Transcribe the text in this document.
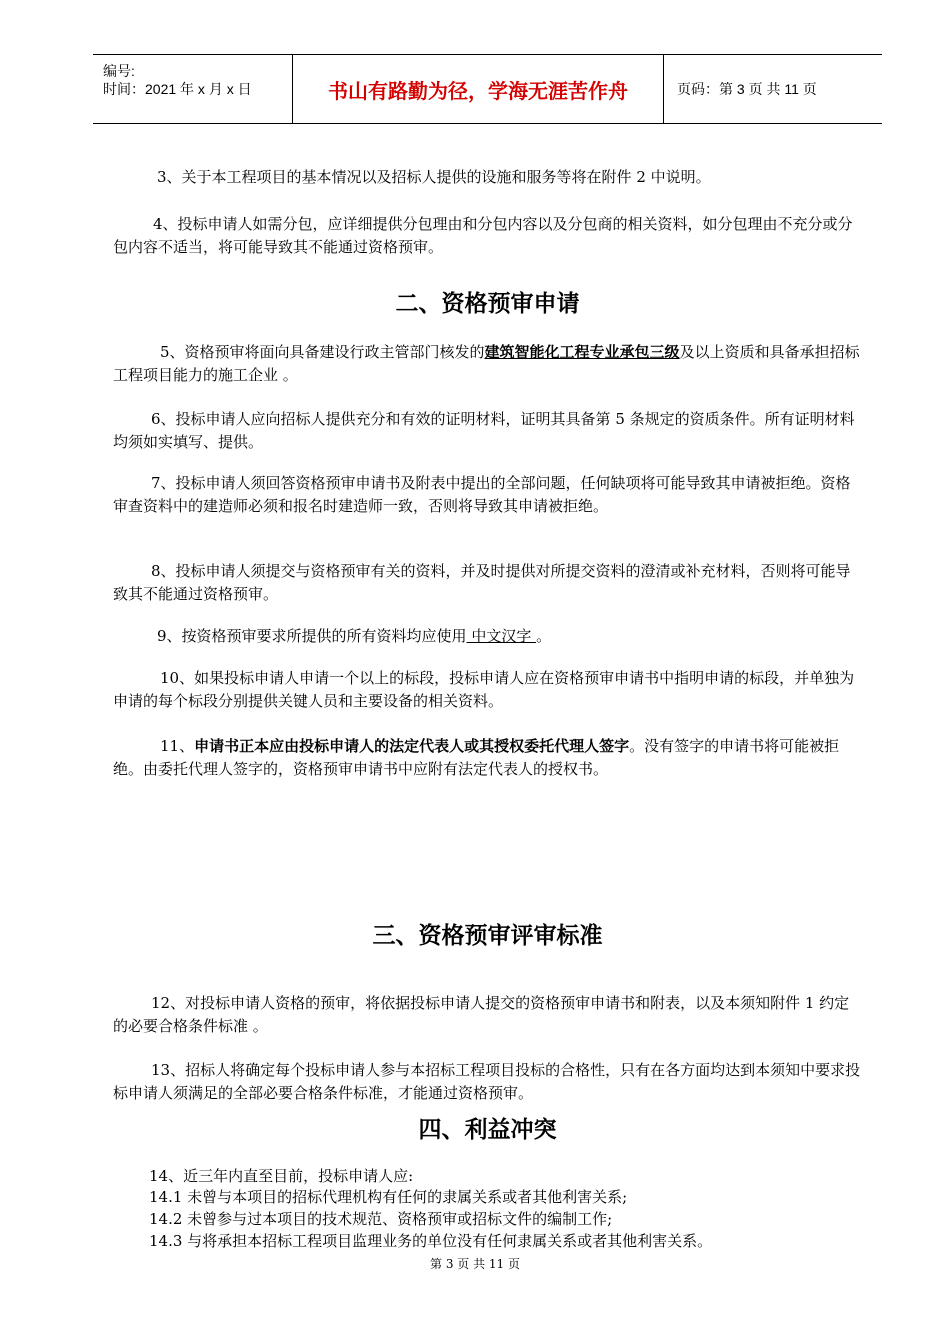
编号:
时间：2021 年 x 月 x 日	书山有路勤为径，学海无涯苦作舟	页码：第 3 页 共 11 页

3、关于本工程项目的基本情况以及招标人提供的设施和服务等将在附件 2 中说明。

4、投标申请人如需分包，应详细提供分包理由和分包内容以及分包商的相关资料，如分包理由不充分或分包内容不适当，将可能导致其不能通过资格预审。

二、资格预审申请

5、资格预审将面向具备建设行政主管部门核发的建筑智能化工程专业承包三级及以上资质和具备承担招标工程项目能力的施工企业 。

6、投标申请人应向招标人提供充分和有效的证明材料，证明其具备第 5 条规定的资质条件。所有证明材料均须如实填写、提供。

7、投标申请人须回答资格预审申请书及附表中提出的全部问题，任何缺项将可能导致其申请被拒绝。资格审查资料中的建造师必须和报名时建造师一致，否则将导致其申请被拒绝。

8、投标申请人须提交与资格预审有关的资料，并及时提供对所提交资料的澄清或补充材料，否则将可能导致其不能通过资格预审。

9、按资格预审要求所提供的所有资料均应使用 中文汉字 。

10、如果投标申请人申请一个以上的标段，投标申请人应在资格预审申请书中指明申请的标段，并单独为申请的每个标段分别提供关键人员和主要设备的相关资料。

11、申请书正本应由投标申请人的法定代表人或其授权委托代理人签字。没有签字的申请书将可能被拒绝。由委托代理人签字的，资格预审申请书中应附有法定代表人的授权书。

三、资格预审评审标准

12、对投标申请人资格的预审，将依据投标申请人提交的资格预审申请书和附表，以及本须知附件 1 约定的必要合格条件标准 。

13、招标人将确定每个投标申请人参与本招标工程项目投标的合格性，只有在各方面均达到本须知中要求投标申请人须满足的全部必要合格条件标准，才能通过资格预审。

四、利益冲突

14、近三年内直至目前，投标申请人应:

14.1 未曾与本项目的招标代理机构有任何的隶属关系或者其他利害关系;

14.2 未曾参与过本项目的技术规范、资格预审或招标文件的编制工作;

14.3 与将承担本招标工程项目监理业务的单位没有任何隶属关系或者其他利害关系。

第 3 页 共 11 页
